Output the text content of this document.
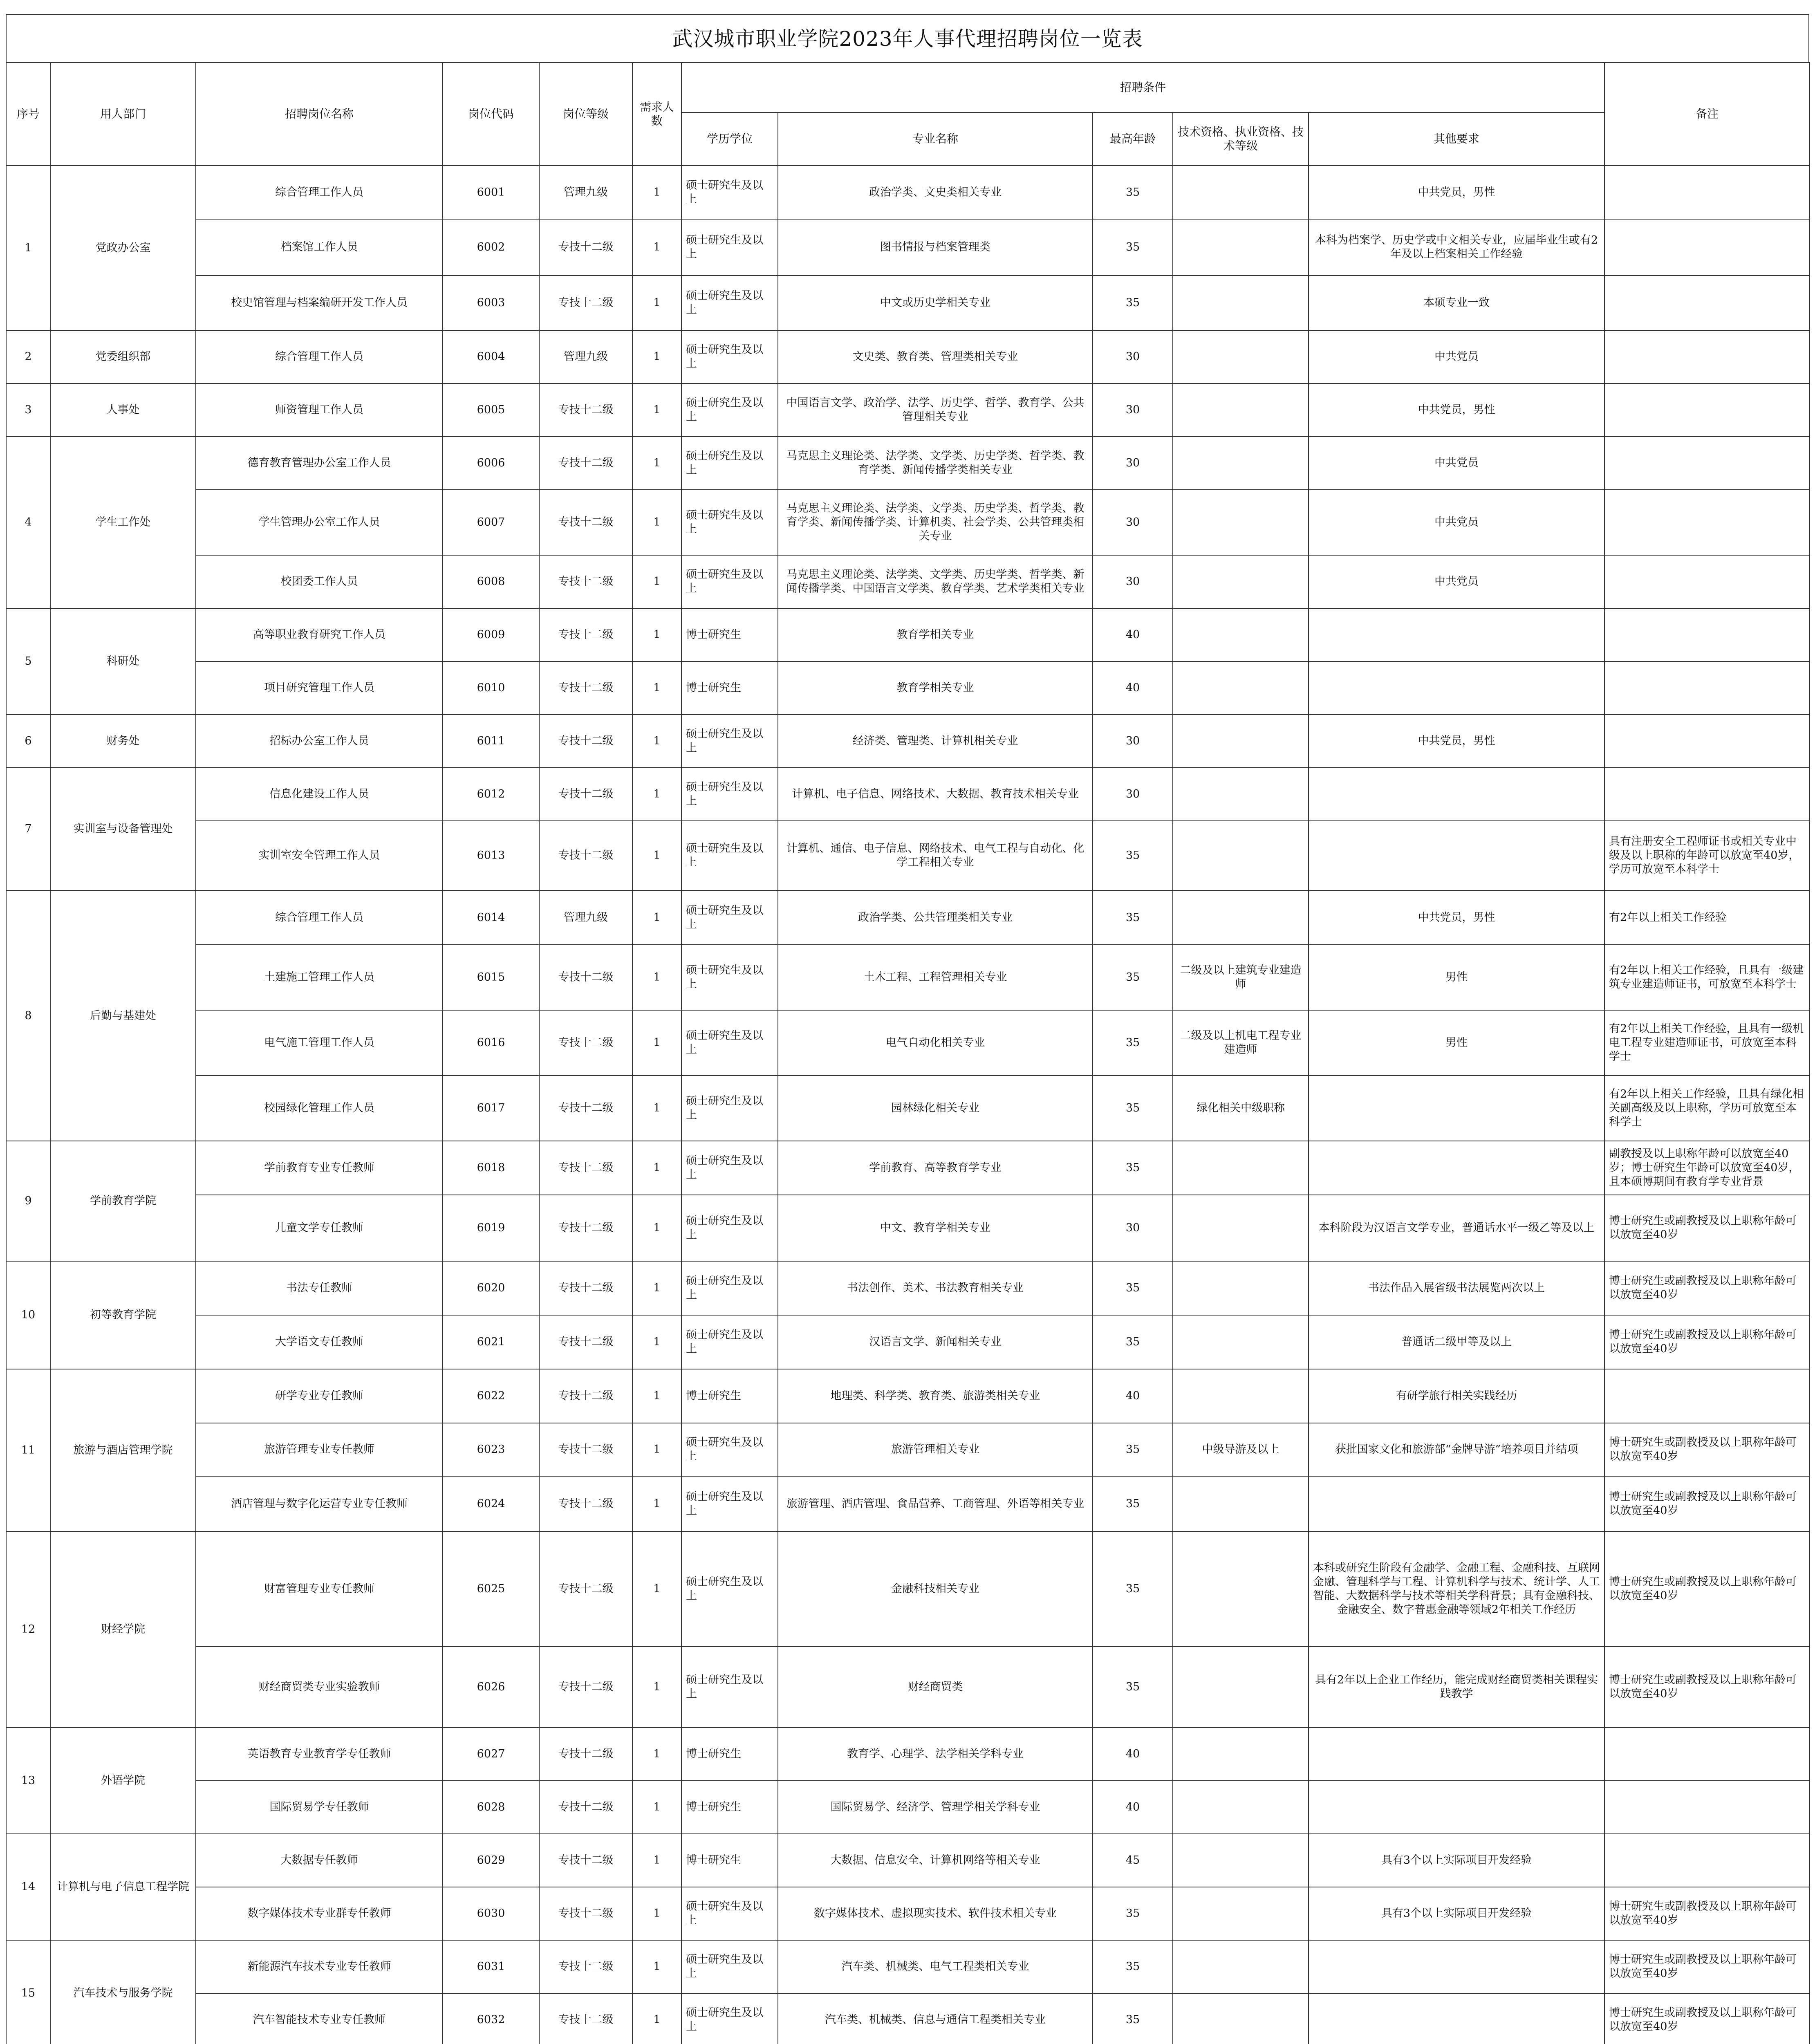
武汉城市职业学院2023年人事代理招聘岗位一览表
序号	用人部门	招聘岗位名称	岗位代码	岗位等级	需求人数	招聘条件					备注
						学历学位	专业名称	最高年龄	技术资格、执业资格、技术等级	其他要求	
1	党政办公室	综合管理工作人员	6001	管理九级	1	硕士研究生及以上	政治学类、文史类相关专业	35		中共党员，男性	
		档案馆工作人员	6002	专技十二级	1	硕士研究生及以上	图书情报与档案管理类	35		本科为档案学、历史学或中文相关专业，应届毕业生或有2年及以上档案相关工作经验	
		校史馆管理与档案编研开发工作人员	6003	专技十二级	1	硕士研究生及以上	中文或历史学相关专业	35		本硕专业一致	
2	党委组织部	综合管理工作人员	6004	管理九级	1	硕士研究生及以上	文史类、教育类、管理类相关专业	30		中共党员	
3	人事处	师资管理工作人员	6005	专技十二级	1	硕士研究生及以上	中国语言文学、政治学、法学、历史学、哲学、教育学、公共管理相关专业	30		中共党员，男性	
4	学生工作处	德育教育管理办公室工作人员	6006	专技十二级	1	硕士研究生及以上	马克思主义理论类、法学类、文学类、历史学类、哲学类、教育学类、新闻传播学类相关专业	30		中共党员	
		学生管理办公室工作人员	6007	专技十二级	1	硕士研究生及以上	马克思主义理论类、法学类、文学类、历史学类、哲学类、教育学类、新闻传播学类、计算机类、社会学类、公共管理类相关专业	30		中共党员	
		校团委工作人员	6008	专技十二级	1	硕士研究生及以上	马克思主义理论类、法学类、文学类、历史学类、哲学类、新闻传播学类、中国语言文学类、教育学类、艺术学类相关专业	30		中共党员	
5	科研处	高等职业教育研究工作人员	6009	专技十二级	1	博士研究生	教育学相关专业	40			
		项目研究管理工作人员	6010	专技十二级	1	博士研究生	教育学相关专业	40			
6	财务处	招标办公室工作人员	6011	专技十二级	1	硕士研究生及以上	经济类、管理类、计算机相关专业	30		中共党员，男性	
7	实训室与设备管理处	信息化建设工作人员	6012	专技十二级	1	硕士研究生及以上	计算机、电子信息、网络技术、大数据、教育技术相关专业	30			
		实训室安全管理工作人员	6013	专技十二级	1	硕士研究生及以上	计算机、通信、电子信息、网络技术、电气工程与自动化、化学工程相关专业	35			具有注册安全工程师证书或相关专业中级及以上职称的年龄可以放宽至40岁，学历可放宽至本科学士
8	后勤与基建处	综合管理工作人员	6014	管理九级	1	硕士研究生及以上	政治学类、公共管理类相关专业	35		中共党员，男性	有2年以上相关工作经验
		土建施工管理工作人员	6015	专技十二级	1	硕士研究生及以上	土木工程、工程管理相关专业	35	二级及以上建筑专业建造师	男性	有2年以上相关工作经验，且具有一级建筑专业建造师证书，可放宽至本科学士
		电气施工管理工作人员	6016	专技十二级	1	硕士研究生及以上	电气自动化相关专业	35	二级及以上机电工程专业建造师	男性	有2年以上相关工作经验，且具有一级机电工程专业建造师证书，可放宽至本科学士
		校园绿化管理工作人员	6017	专技十二级	1	硕士研究生及以上	园林绿化相关专业	35	绿化相关中级职称		有2年以上相关工作经验，且具有绿化相关副高级及以上职称，学历可放宽至本科学士
9	学前教育学院	学前教育专业专任教师	6018	专技十二级	1	硕士研究生及以上	学前教育、高等教育学专业	35			副教授及以上职称年龄可以放宽至40岁；博士研究生年龄可以放宽至40岁，且本硕博期间有教育学专业背景
		儿童文学专任教师	6019	专技十二级	1	硕士研究生及以上	中文、教育学相关专业	30		本科阶段为汉语言文学专业，普通话水平一级乙等及以上	博士研究生或副教授及以上职称年龄可以放宽至40岁
10	初等教育学院	书法专任教师	6020	专技十二级	1	硕士研究生及以上	书法创作、美术、书法教育相关专业	35		书法作品入展省级书法展览两次以上	博士研究生或副教授及以上职称年龄可以放宽至40岁
		大学语文专任教师	6021	专技十二级	1	硕士研究生及以上	汉语言文学、新闻相关专业	35		普通话二级甲等及以上	博士研究生或副教授及以上职称年龄可以放宽至40岁
11	旅游与酒店管理学院	研学专业专任教师	6022	专技十二级	1	博士研究生	地理类、科学类、教育类、旅游类相关专业	40		有研学旅行相关实践经历	
		旅游管理专业专任教师	6023	专技十二级	1	硕士研究生及以上	旅游管理相关专业	35	中级导游及以上	获批国家文化和旅游部“金牌导游”培养项目并结项	博士研究生或副教授及以上职称年龄可以放宽至40岁
		酒店管理与数字化运营专业专任教师	6024	专技十二级	1	硕士研究生及以上	旅游管理、酒店管理、食品营养、工商管理、外语等相关专业	35			博士研究生或副教授及以上职称年龄可以放宽至40岁
12	财经学院	财富管理专业专任教师	6025	专技十二级	1	硕士研究生及以上	金融科技相关专业	35		本科或研究生阶段有金融学、金融工程、金融科技、互联网金融、管理科学与工程、计算机科学与技术、统计学、人工智能、大数据科学与技术等相关学科背景；具有金融科技、金融安全、数字普惠金融等领域2年相关工作经历	博士研究生或副教授及以上职称年龄可以放宽至40岁
		财经商贸类专业实验教师	6026	专技十二级	1	硕士研究生及以上	财经商贸类	35		具有2年以上企业工作经历，能完成财经商贸类相关课程实践教学	博士研究生或副教授及以上职称年龄可以放宽至40岁
13	外语学院	英语教育专业教育学专任教师	6027	专技十二级	1	博士研究生	教育学、心理学、法学相关学科专业	40			
		国际贸易学专任教师	6028	专技十二级	1	博士研究生	国际贸易学、经济学、管理学相关学科专业	40			
14	计算机与电子信息工程学院	大数据专任教师	6029	专技十二级	1	博士研究生	大数据、信息安全、计算机网络等相关专业	45		具有3个以上实际项目开发经验	
		数字媒体技术专业群专任教师	6030	专技十二级	1	硕士研究生及以上	数字媒体技术、虚拟现实技术、软件技术相关专业	35		具有3个以上实际项目开发经验	博士研究生或副教授及以上职称年龄可以放宽至40岁
15	汽车技术与服务学院	新能源汽车技术专业专任教师	6031	专技十二级	1	硕士研究生及以上	汽车类、机械类、电气工程类相关专业	35			博士研究生或副教授及以上职称年龄可以放宽至40岁
		汽车智能技术专业专任教师	6032	专技十二级	1	硕士研究生及以上	汽车类、机械类、信息与通信工程类相关专业	35			博士研究生或副教授及以上职称年龄可以放宽至40岁
